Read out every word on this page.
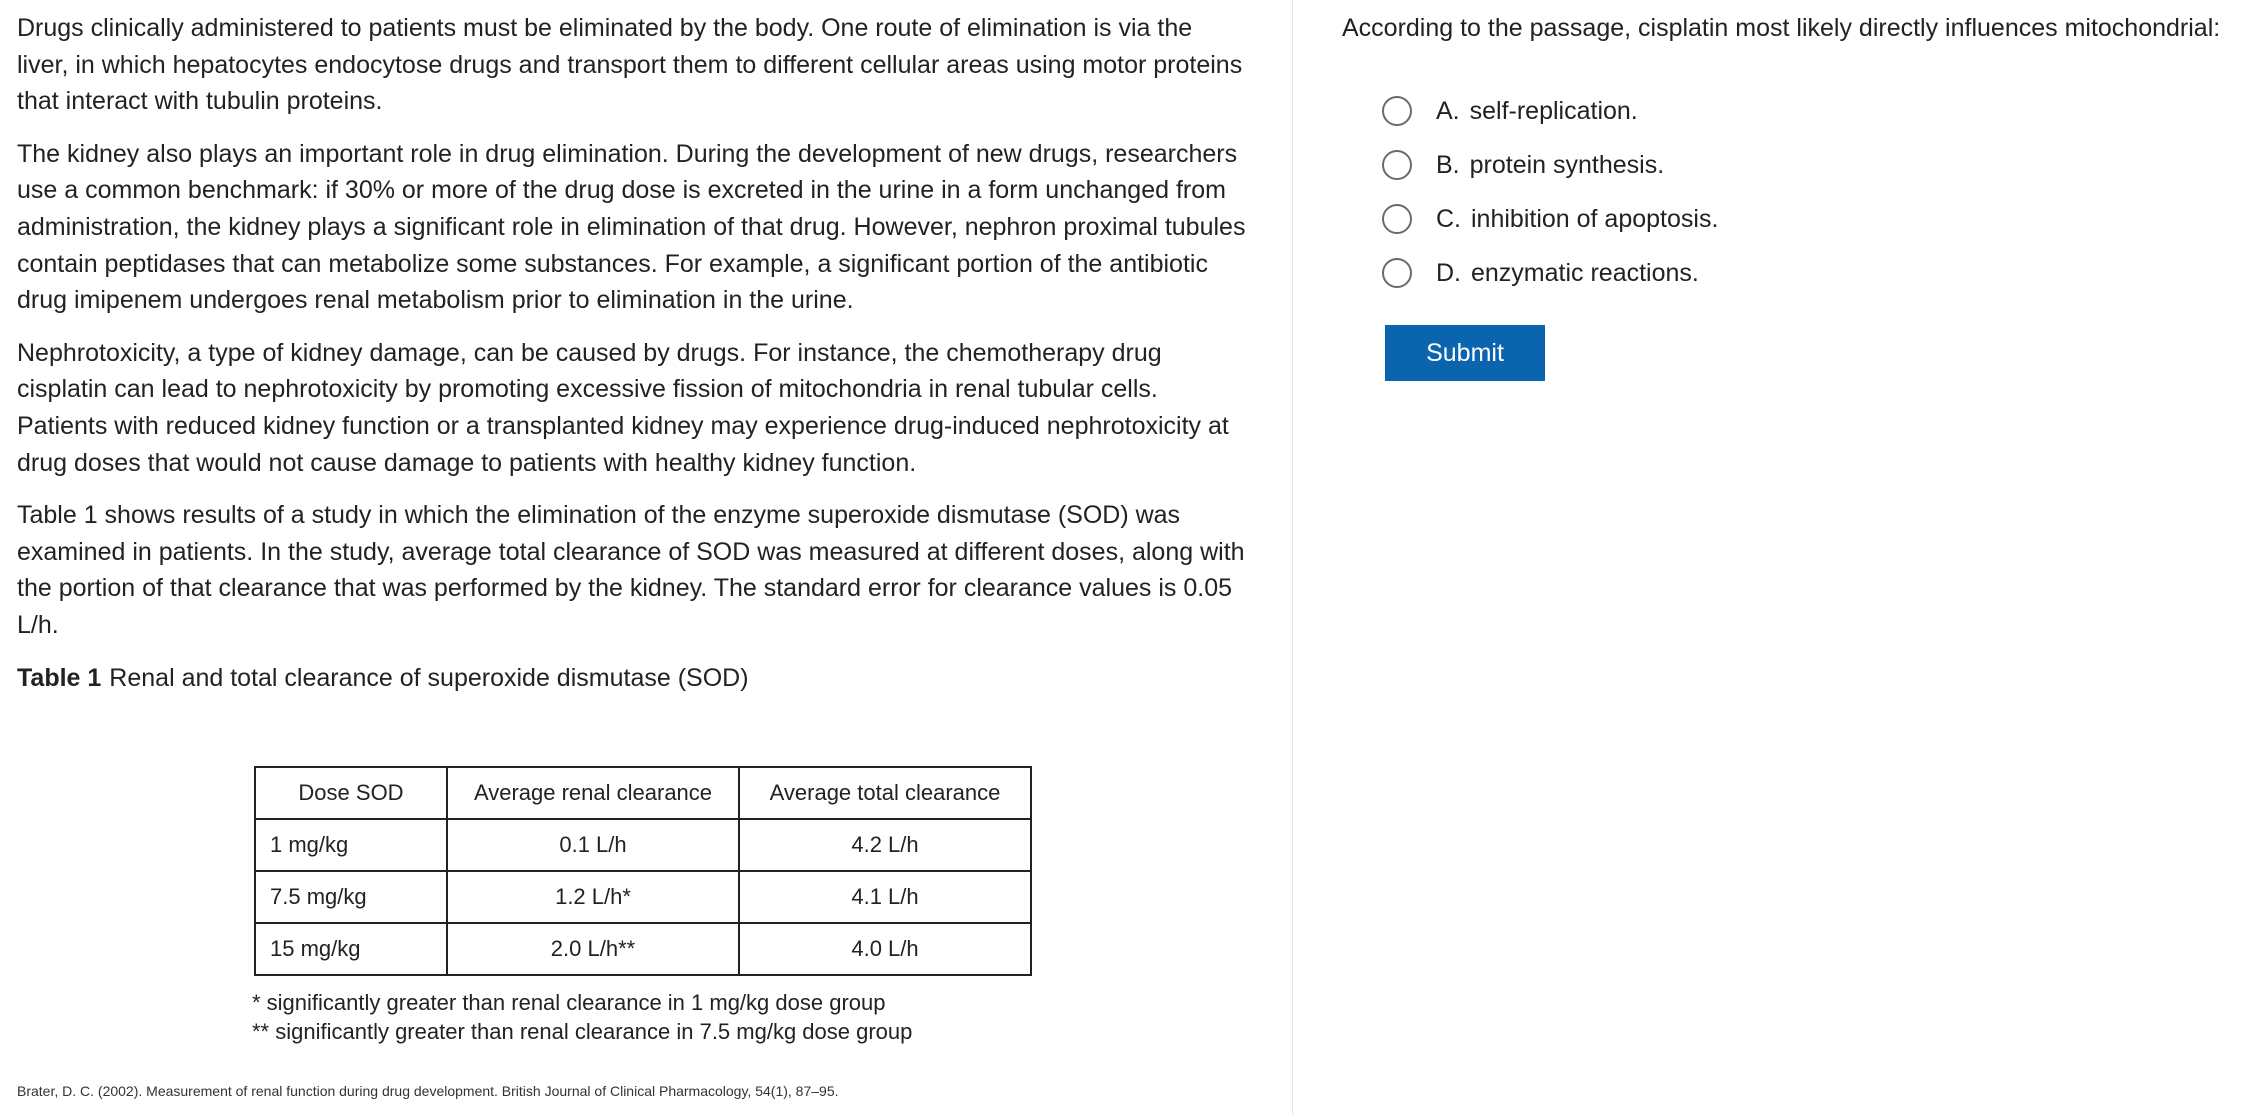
Drugs clinically administered to patients must be eliminated by the body. One route of elimination is via the liver, in which hepatocytes endocytose drugs and transport them to different cellular areas using motor proteins that interact with tubulin proteins.

The kidney also plays an important role in drug elimination. During the development of new drugs, researchers use a common benchmark: if 30% or more of the drug dose is excreted in the urine in a form unchanged from administration, the kidney plays a significant role in elimination of that drug. However, nephron proximal tubules contain peptidases that can metabolize some substances. For example, a significant portion of the antibiotic drug imipenem undergoes renal metabolism prior to elimination in the urine.

Nephrotoxicity, a type of kidney damage, can be caused by drugs. For instance, the chemotherapy drug cisplatin can lead to nephrotoxicity by promoting excessive fission of mitochondria in renal tubular cells. Patients with reduced kidney function or a transplanted kidney may experience drug-induced nephrotoxicity at drug doses that would not cause damage to patients with healthy kidney function.

Table 1 shows results of a study in which the elimination of the enzyme superoxide dismutase (SOD) was examined in patients. In the study, average total clearance of SOD was measured at different doses, along with the portion of that clearance that was performed by the kidney. The standard error for clearance values is 0.05 L/h.

Table 1 Renal and total clearance of superoxide dismutase (SOD)

Dose SOD	Average renal clearance	Average total clearance
1 mg/kg	0.1 L/h	4.2 L/h
7.5 mg/kg	1.2 L/h*	4.1 L/h
15 mg/kg	2.0 L/h**	4.0 L/h
* significantly greater than renal clearance in 1 mg/kg dose group
** significantly greater than renal clearance in 7.5 mg/kg dose group
Brater, D. C. (2002). Measurement of renal function during drug development. British Journal of Clinical Pharmacology, 54(1), 87–95.
According to the passage, cisplatin most likely directly influences mitochondrial:
A. self-replication.
B. protein synthesis.
C. inhibition of apoptosis.
D. enzymatic reactions.
Submit
